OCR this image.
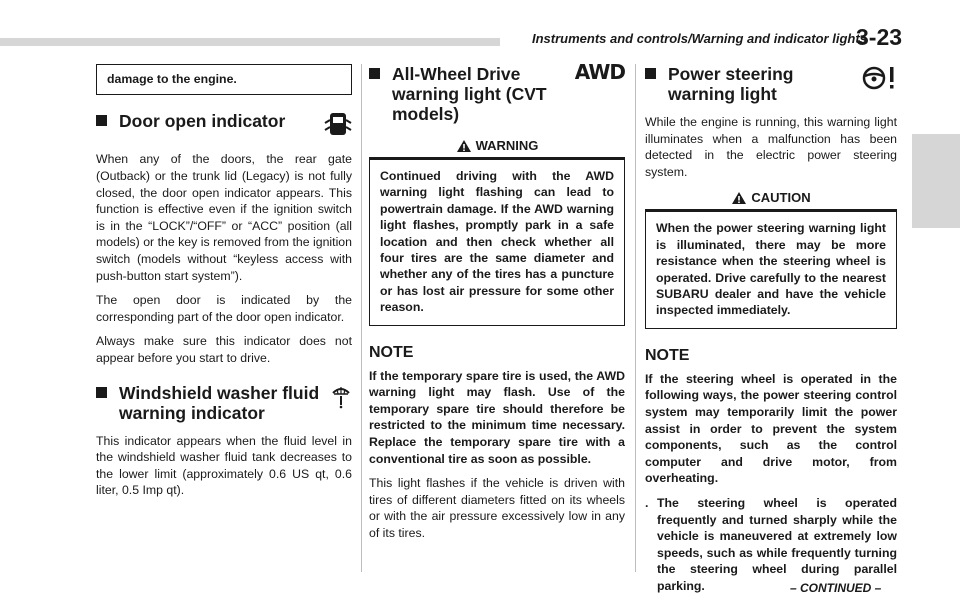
Instruments and controls/Warning and indicator lights
3-23
damage to the engine.
Door open indicator

When any of the doors, the rear gate (Outback) or the trunk lid (Legacy) is not fully closed, the door open indicator appears. This function is effective even if the ignition switch is in the “LOCK”/“OFF” or “ACC” position (all models) or the key is removed from the ignition switch (models without “keyless access with push-button start system”).

The open door is indicated by the corresponding part of the door open indicator.

Always make sure this indicator does not appear before you start to drive.

Windshield washer fluid warning indicator

This indicator appears when the fluid level in the windshield washer fluid tank decreases to the lower limit (approximately 0.6 US qt, 0.6 liter, 0.5 Imp qt).

All-Wheel Drive warning light (CVT models)
AWD
WARNING
Continued driving with the AWD warning light flashing can lead to powertrain damage. If the AWD warning light flashes, promptly park in a safe location and then check whether all four tires are the same diameter and whether any of the tires has a puncture or has lost air pressure for some other reason.
NOTE

If the temporary spare tire is used, the AWD warning light may flash. Use of the temporary spare tire should therefore be restricted to the minimum time necessary. Replace the temporary spare tire with a conventional tire as soon as possible.

This light flashes if the vehicle is driven with tires of different diameters fitted on its wheels or with the air pressure excessively low in any of its tires.

Power steering warning light

While the engine is running, this warning light illuminates when a malfunction has been detected in the electric power steering system.

CAUTION
When the power steering warning light is illuminated, there may be more resistance when the steering wheel is operated. Drive carefully to the nearest SUBARU dealer and have the vehicle inspected immediately.
NOTE

If the steering wheel is operated in the following ways, the power steering control system may temporarily limit the power assist in order to prevent the system components, such as the control computer and drive motor, from overheating.

. The steering wheel is operated frequently and turned sharply while the vehicle is maneuvered at extremely low speeds, such as while frequently turning the steering wheel during parallel parking.	– CONTINUED –
